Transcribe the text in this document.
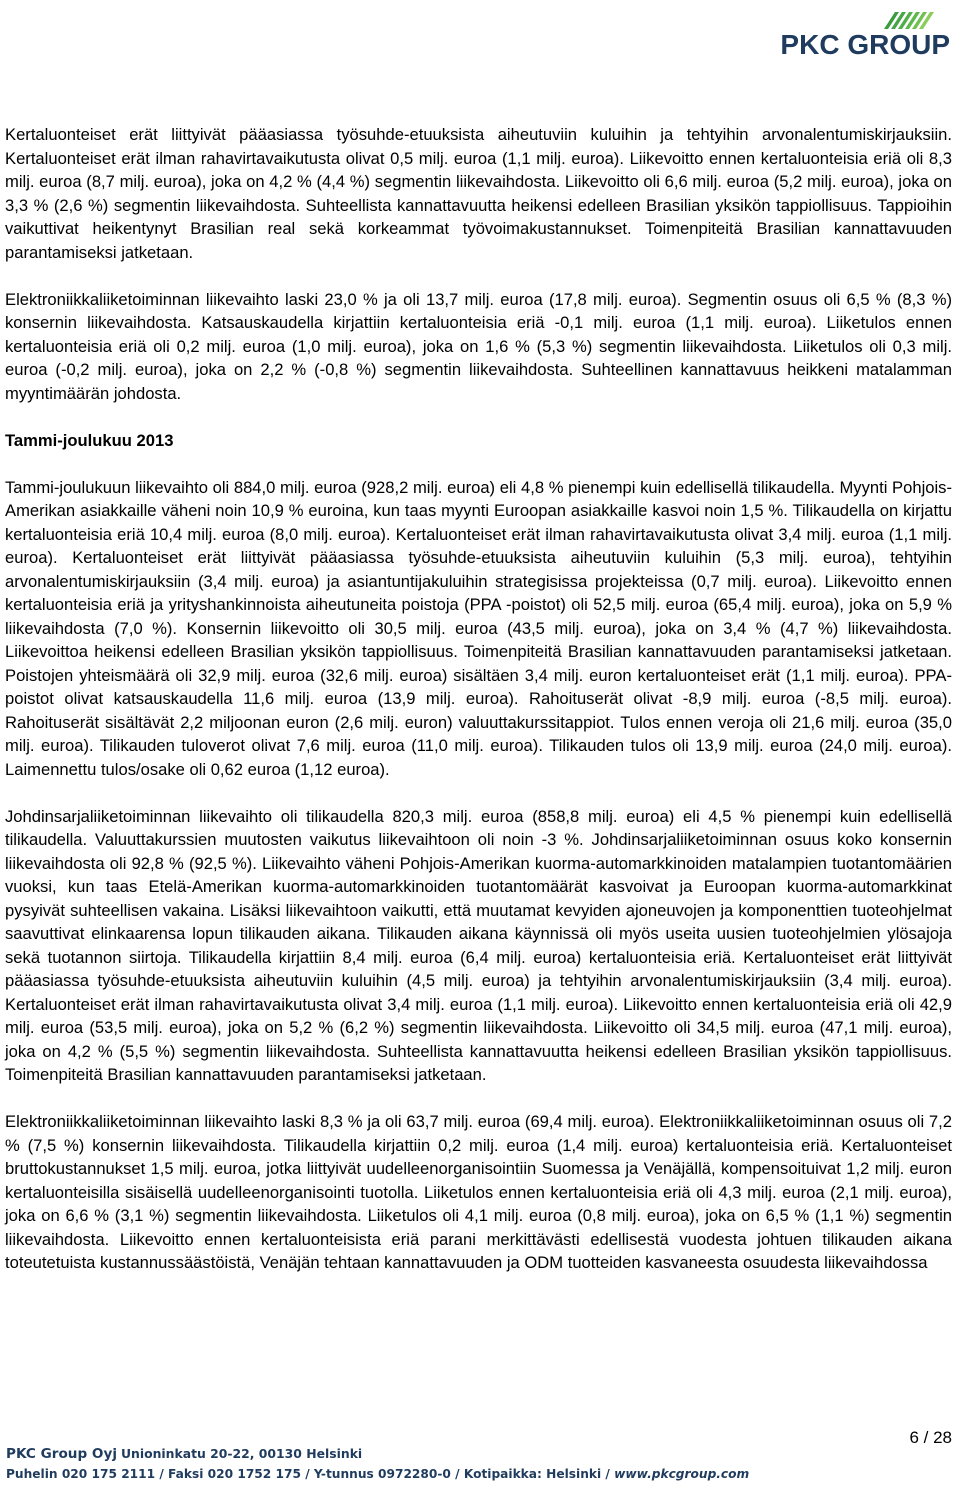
PKC GROUP

Kertaluonteiset erät liittyivät pääasiassa työsuhde-etuuksista aiheutuviin kuluihin ja tehtyihin arvonalentumiskirjauksiin. Kertaluonteiset erät ilman rahavirtavaikutusta olivat 0,5 milj. euroa (1,1 milj. euroa). Liikevoitto ennen kertaluonteisia eriä oli 8,3 milj. euroa (8,7 milj. euroa), joka on 4,2 % (4,4 %) segmentin liikevaihdosta. Liikevoitto oli 6,6 milj. euroa (5,2 milj. euroa), joka on 3,3 % (2,6 %) segmentin liikevaihdosta. Suhteellista kannattavuutta heikensi edelleen Brasilian yksikön tappiollisuus. Tappioihin vaikuttivat heikentynyt Brasilian real sekä korkeammat työvoimakustannukset. Toimenpiteitä Brasilian kannattavuuden parantamiseksi jatketaan.

Elektroniikkaliiketoiminnan liikevaihto laski 23,0 % ja oli 13,7 milj. euroa (17,8 milj. euroa). Segmentin osuus oli 6,5 % (8,3 %) konsernin liikevaihdosta. Katsauskaudella kirjattiin kertaluonteisia eriä -0,1 milj. euroa (1,1 milj. euroa). Liiketulos ennen kertaluonteisia eriä oli 0,2 milj. euroa (1,0 milj. euroa), joka on 1,6 % (5,3 %) segmentin liikevaihdosta. Liiketulos oli 0,3 milj. euroa (-0,2 milj. euroa), joka on 2,2 % (-0,8 %) segmentin liikevaihdosta. Suhteellinen kannattavuus heikkeni matalamman myyntimäärän johdosta.

Tammi-joulukuu 2013

Tammi-joulukuun liikevaihto oli 884,0 milj. euroa (928,2 milj. euroa) eli 4,8 % pienempi kuin edellisellä tilikaudella. Myynti Pohjois-Amerikan asiakkaille väheni noin 10,9 % euroina, kun taas myynti Euroopan asiakkaille kasvoi noin 1,5 %. Tilikaudella on kirjattu kertaluonteisia eriä 10,4 milj. euroa (8,0 milj. euroa). Kertaluonteiset erät ilman rahavirtavaikutusta olivat 3,4 milj. euroa (1,1 milj. euroa). Kertaluonteiset erät liittyivät pääasiassa työsuhde-etuuksista aiheutuviin kuluihin (5,3 milj. euroa), tehtyihin arvonalentumiskirjauksiin (3,4 milj. euroa) ja asiantuntijakuluihin strategisissa projekteissa (0,7 milj. euroa). Liikevoitto ennen kertaluonteisia eriä ja yrityshankinnoista aiheutuneita poistoja (PPA -poistot) oli 52,5 milj. euroa (65,4 milj. euroa), joka on 5,9 % liikevaihdosta (7,0 %). Konsernin liikevoitto oli 30,5 milj. euroa (43,5 milj. euroa), joka on 3,4 % (4,7 %) liikevaihdosta. Liikevoittoa heikensi edelleen Brasilian yksikön tappiollisuus. Toimenpiteitä Brasilian kannattavuuden parantamiseksi jatketaan. Poistojen yhteismäärä oli 32,9 milj. euroa (32,6 milj. euroa) sisältäen 3,4 milj. euron kertaluonteiset erät (1,1 milj. euroa). PPA-poistot olivat katsauskaudella 11,6 milj. euroa (13,9 milj. euroa). Rahoituserät olivat -8,9 milj. euroa (-8,5 milj. euroa). Rahoituserät sisältävät 2,2 miljoonan euron (2,6 milj. euron) valuuttakurssitappiot. Tulos ennen veroja oli 21,6 milj. euroa (35,0 milj. euroa). Tilikauden tuloverot olivat 7,6 milj. euroa (11,0 milj. euroa). Tilikauden tulos oli 13,9 milj. euroa (24,0 milj. euroa). Laimennettu tulos/osake oli 0,62 euroa (1,12 euroa).

Johdinsarjaliiketoiminnan liikevaihto oli tilikaudella 820,3 milj. euroa (858,8 milj. euroa) eli 4,5 % pienempi kuin edellisellä tilikaudella. Valuuttakurssien muutosten vaikutus liikevaihtoon oli noin -3 %. Johdinsarjaliiketoiminnan osuus koko konsernin liikevaihdosta oli 92,8 % (92,5 %). Liikevaihto väheni Pohjois-Amerikan kuorma-automarkkinoiden matalampien tuotantomäärien vuoksi, kun taas Etelä-Amerikan kuorma-automarkkinoiden tuotantomäärät kasvoivat ja Euroopan kuorma-automarkkinat pysyivät suhteellisen vakaina. Lisäksi liikevaihtoon vaikutti, että muutamat kevyiden ajoneuvojen ja komponenttien tuoteohjelmat saavuttivat elinkaarensa lopun tilikauden aikana. Tilikauden aikana käynnissä oli myös useita uusien tuoteohjelmien ylösajoja sekä tuotannon siirtoja. Tilikaudella kirjattiin 8,4 milj. euroa (6,4 milj. euroa) kertaluonteisia eriä. Kertaluonteiset erät liittyivät pääasiassa työsuhde-etuuksista aiheutuviin kuluihin (4,5 milj. euroa) ja tehtyihin arvonalentumiskirjauksiin (3,4 milj. euroa). Kertaluonteiset erät ilman rahavirtavaikutusta olivat 3,4 milj. euroa (1,1 milj. euroa). Liikevoitto ennen kertaluonteisia eriä oli 42,9 milj. euroa (53,5 milj. euroa), joka on 5,2 % (6,2 %) segmentin liikevaihdosta. Liikevoitto oli 34,5 milj. euroa (47,1 milj. euroa), joka on 4,2 % (5,5 %) segmentin liikevaihdosta. Suhteellista kannattavuutta heikensi edelleen Brasilian yksikön tappiollisuus. Toimenpiteitä Brasilian kannattavuuden parantamiseksi jatketaan.

Elektroniikkaliiketoiminnan liikevaihto laski 8,3 % ja oli 63,7 milj. euroa (69,4 milj. euroa). Elektroniikkaliiketoiminnan osuus oli 7,2 % (7,5 %) konsernin liikevaihdosta. Tilikaudella kirjattiin 0,2 milj. euroa (1,4 milj. euroa) kertaluonteisia eriä. Kertaluonteiset bruttokustannukset 1,5 milj. euroa, jotka liittyivät uudelleenorganisointiin Suomessa ja Venäjällä, kompensoituivat 1,2 milj. euron kertaluonteisilla sisäisellä uudelleenorganisointi tuotolla. Liiketulos ennen kertaluonteisia eriä oli 4,3 milj. euroa (2,1 milj. euroa), joka on 6,6 % (3,1 %) segmentin liikevaihdosta. Liiketulos oli 4,1 milj. euroa (0,8 milj. euroa), joka on 6,5 % (1,1 %) segmentin liikevaihdosta. Liikevoitto ennen kertaluonteisista eriä parani merkittävästi edellisestä vuodesta johtuen tilikauden aikana toteutetuista kustannussäästöistä, Venäjän tehtaan kannattavuuden ja ODM tuotteiden kasvaneesta osuudesta liikevaihdossa

6 / 28
PKC Group Oyj Unioninkatu 20-22, 00130 Helsinki
Puhelin 020 175 2111 / Faksi 020 1752 175 / Y-tunnus 0972280-0 / Kotipaikka: Helsinki / www.pkcgroup.com
